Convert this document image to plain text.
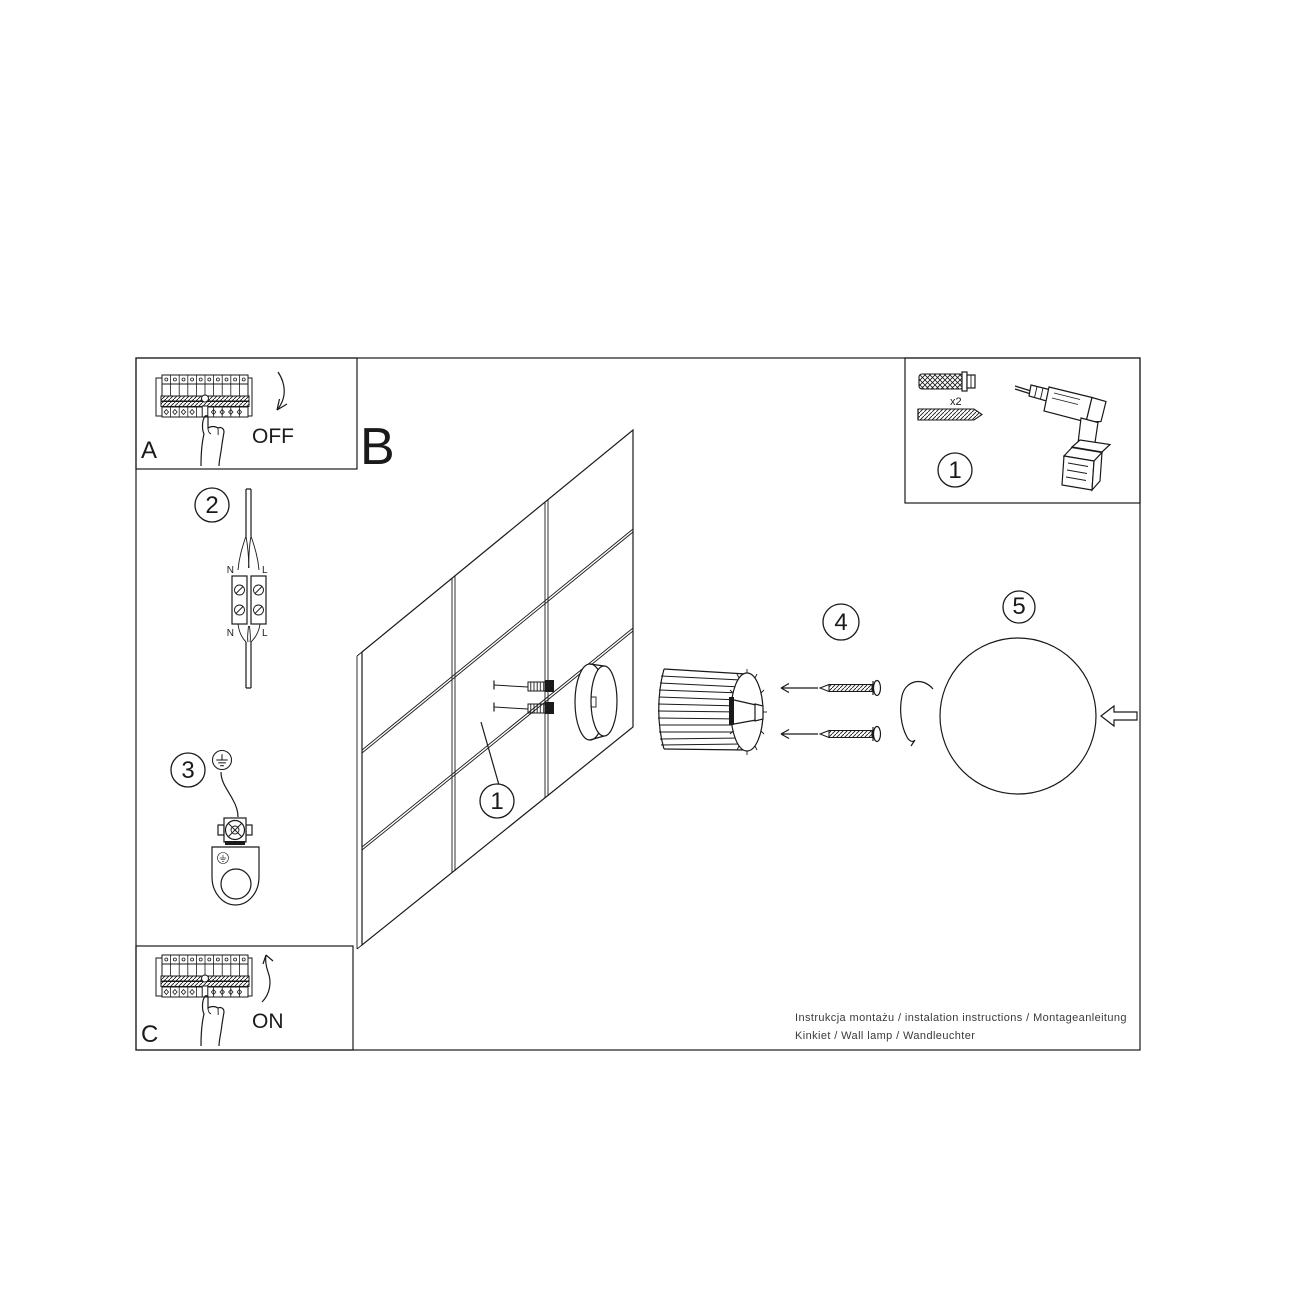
A
OFF
C	ON
B
2
N	L
N	L
3
1
4
5
x2
1
Instrukcja montażu / instalation instructions / Montageanleitung
Kinkiet / Wall lamp / Wandleuchter
